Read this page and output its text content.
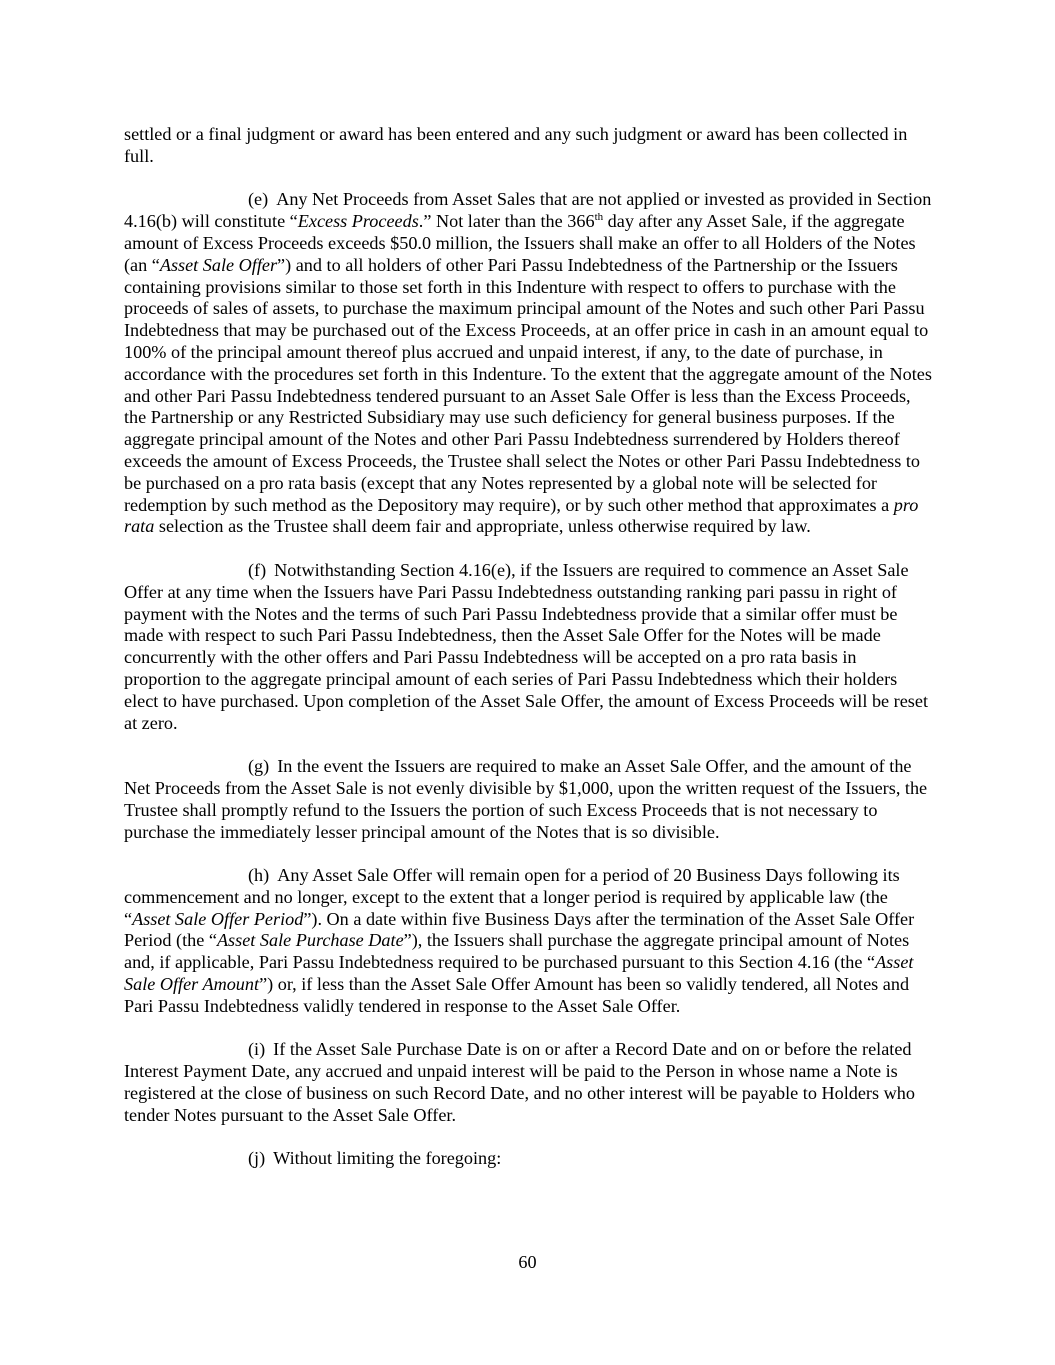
settled or a final judgment or award has been entered and any such judgment or award has been collected in full.

(e) Any Net Proceeds from Asset Sales that are not applied or invested as provided in Section 4.16(b) will constitute “Excess Proceeds.” Not later than the 366th day after any Asset Sale, if the aggregate amount of Excess Proceeds exceeds $50.0 million, the Issuers shall make an offer to all Holders of the Notes (an “Asset Sale Offer”) and to all holders of other Pari Passu Indebtedness of the Partnership or the Issuers containing provisions similar to those set forth in this Indenture with respect to offers to purchase with the proceeds of sales of assets, to purchase the maximum principal amount of the Notes and such other Pari Passu Indebtedness that may be purchased out of the Excess Proceeds, at an offer price in cash in an amount equal to 100% of the principal amount thereof plus accrued and unpaid interest, if any, to the date of purchase, in accordance with the procedures set forth in this Indenture. To the extent that the aggregate amount of the Notes and other Pari Passu Indebtedness tendered pursuant to an Asset Sale Offer is less than the Excess Proceeds, the Partnership or any Restricted Subsidiary may use such deficiency for general business purposes. If the aggregate principal amount of the Notes and other Pari Passu Indebtedness surrendered by Holders thereof exceeds the amount of Excess Proceeds, the Trustee shall select the Notes or other Pari Passu Indebtedness to be purchased on a pro rata basis (except that any Notes represented by a global note will be selected for redemption by such method as the Depository may require), or by such other method that approximates a pro rata selection as the Trustee shall deem fair and appropriate, unless otherwise required by law.

(f) Notwithstanding Section 4.16(e), if the Issuers are required to commence an Asset Sale Offer at any time when the Issuers have Pari Passu Indebtedness outstanding ranking pari passu in right of payment with the Notes and the terms of such Pari Passu Indebtedness provide that a similar offer must be made with respect to such Pari Passu Indebtedness, then the Asset Sale Offer for the Notes will be made concurrently with the other offers and Pari Passu Indebtedness will be accepted on a pro rata basis in proportion to the aggregate principal amount of each series of Pari Passu Indebtedness which their holders elect to have purchased. Upon completion of the Asset Sale Offer, the amount of Excess Proceeds will be reset at zero.

(g) In the event the Issuers are required to make an Asset Sale Offer, and the amount of the Net Proceeds from the Asset Sale is not evenly divisible by $1,000, upon the written request of the Issuers, the Trustee shall promptly refund to the Issuers the portion of such Excess Proceeds that is not necessary to purchase the immediately lesser principal amount of the Notes that is so divisible.

(h) Any Asset Sale Offer will remain open for a period of 20 Business Days following its commencement and no longer, except to the extent that a longer period is required by applicable law (the “Asset Sale Offer Period”). On a date within five Business Days after the termination of the Asset Sale Offer Period (the “Asset Sale Purchase Date”), the Issuers shall purchase the aggregate principal amount of Notes and, if applicable, Pari Passu Indebtedness required to be purchased pursuant to this Section 4.16 (the “Asset Sale Offer Amount”) or, if less than the Asset Sale Offer Amount has been so validly tendered, all Notes and Pari Passu Indebtedness validly tendered in response to the Asset Sale Offer.

(i) If the Asset Sale Purchase Date is on or after a Record Date and on or before the related Interest Payment Date, any accrued and unpaid interest will be paid to the Person in whose name a Note is registered at the close of business on such Record Date, and no other interest will be payable to Holders who tender Notes pursuant to the Asset Sale Offer.

(j) Without limiting the foregoing:

60
